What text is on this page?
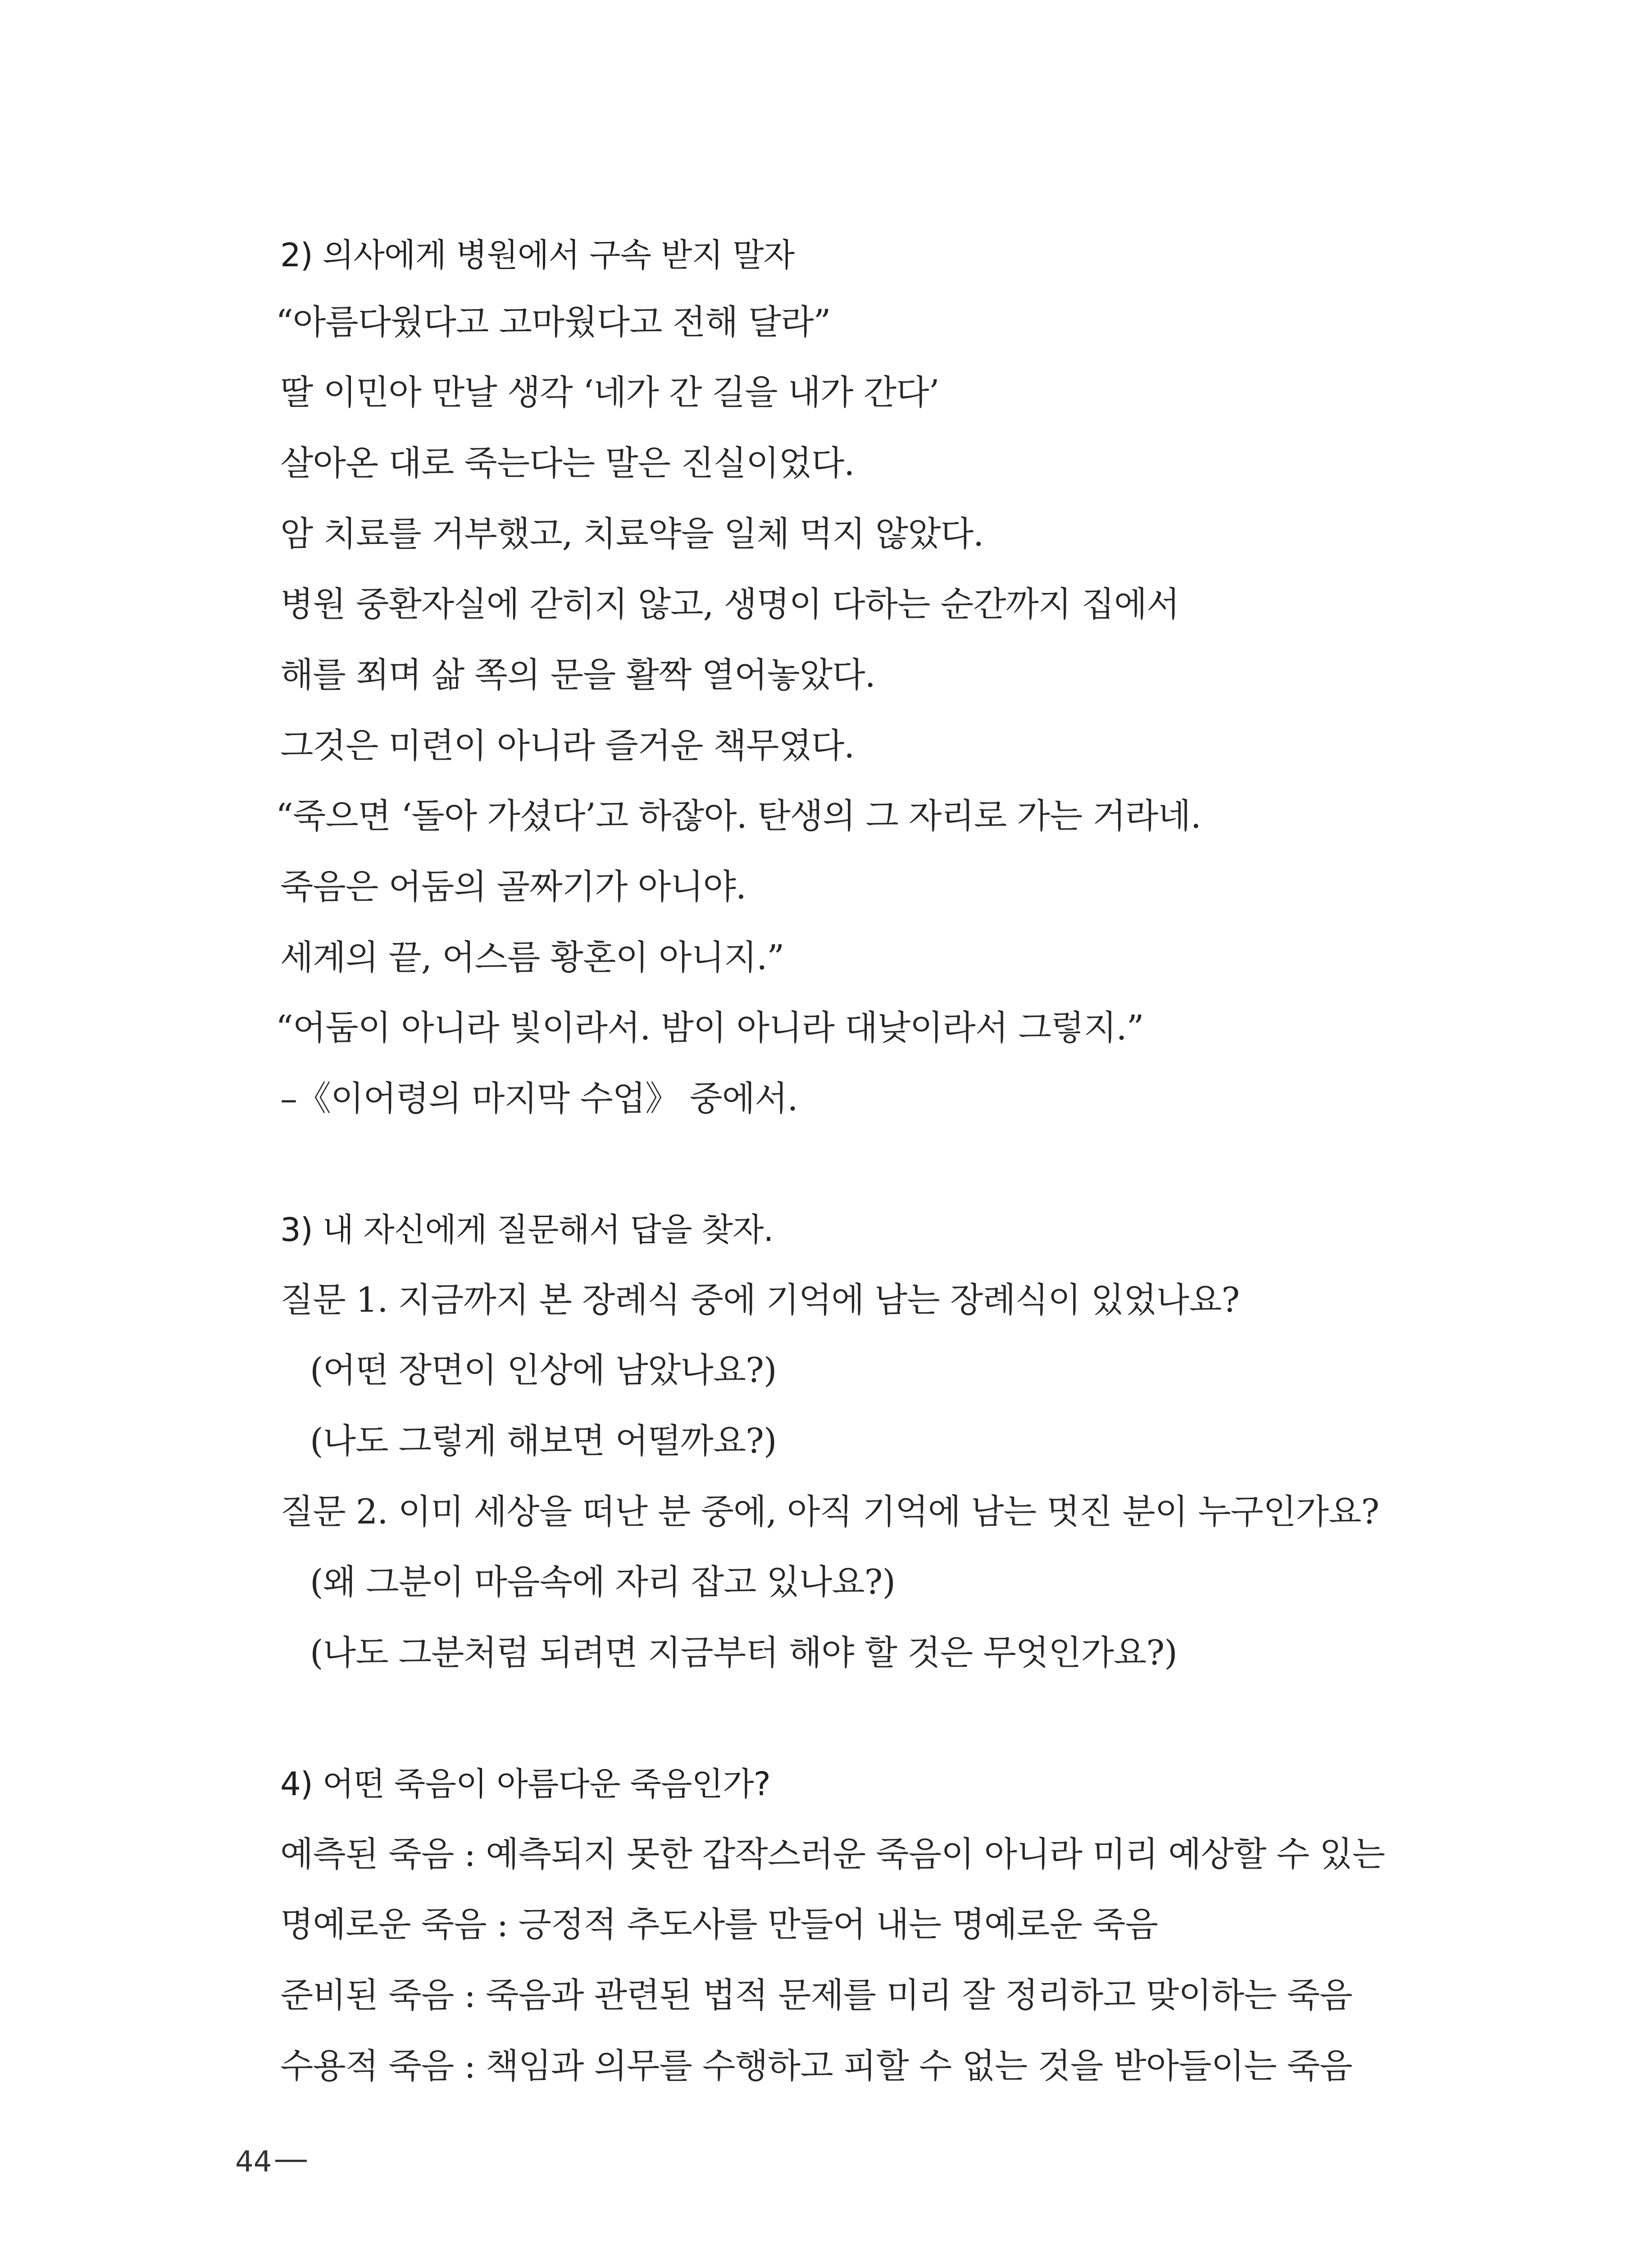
2) 의사에게 병원에서 구속 받지 말자
“아름다웠다고 고마웠다고 전해 달라”
딸 이민아 만날 생각 ‘네가 간 길을 내가 간다’
살아온 대로 죽는다는 말은 진실이었다.
암 치료를 거부했고, 치료약을 일체 먹지 않았다.
병원 중환자실에 갇히지 않고, 생명이 다하는 순간까지 집에서
해를 쬐며 삶 쪽의 문을 활짝 열어놓았다.
그것은 미련이 아니라 즐거운 책무였다.
“죽으면 ‘돌아 가셨다’고 하잖아. 탄생의 그 자리로 가는 거라네.
죽음은 어둠의 골짜기가 아니야.
세계의 끝, 어스름 황혼이 아니지.”
“어둠이 아니라 빛이라서. 밤이 아니라 대낮이라서 그렇지.”
–《이어령의 마지막 수업》 중에서.
3) 내 자신에게 질문해서 답을 찾자.
질문 1. 지금까지 본 장례식 중에 기억에 남는 장례식이 있었나요?
(어떤 장면이 인상에 남았나요?)
(나도 그렇게 해보면 어떨까요?)
질문 2. 이미 세상을 떠난 분 중에, 아직 기억에 남는 멋진 분이 누구인가요?
(왜 그분이 마음속에 자리 잡고 있나요?)
(나도 그분처럼 되려면 지금부터 해야 할 것은 무엇인가요?)
4) 어떤 죽음이 아름다운 죽음인가?
예측된 죽음 : 예측되지 못한 갑작스러운 죽음이 아니라 미리 예상할 수 있는
명예로운 죽음 : 긍정적 추도사를 만들어 내는 명예로운 죽음
준비된 죽음 : 죽음과 관련된 법적 문제를 미리 잘 정리하고 맞이하는 죽음
수용적 죽음 : 책임과 의무를 수행하고 피할 수 없는 것을 받아들이는 죽음
44
